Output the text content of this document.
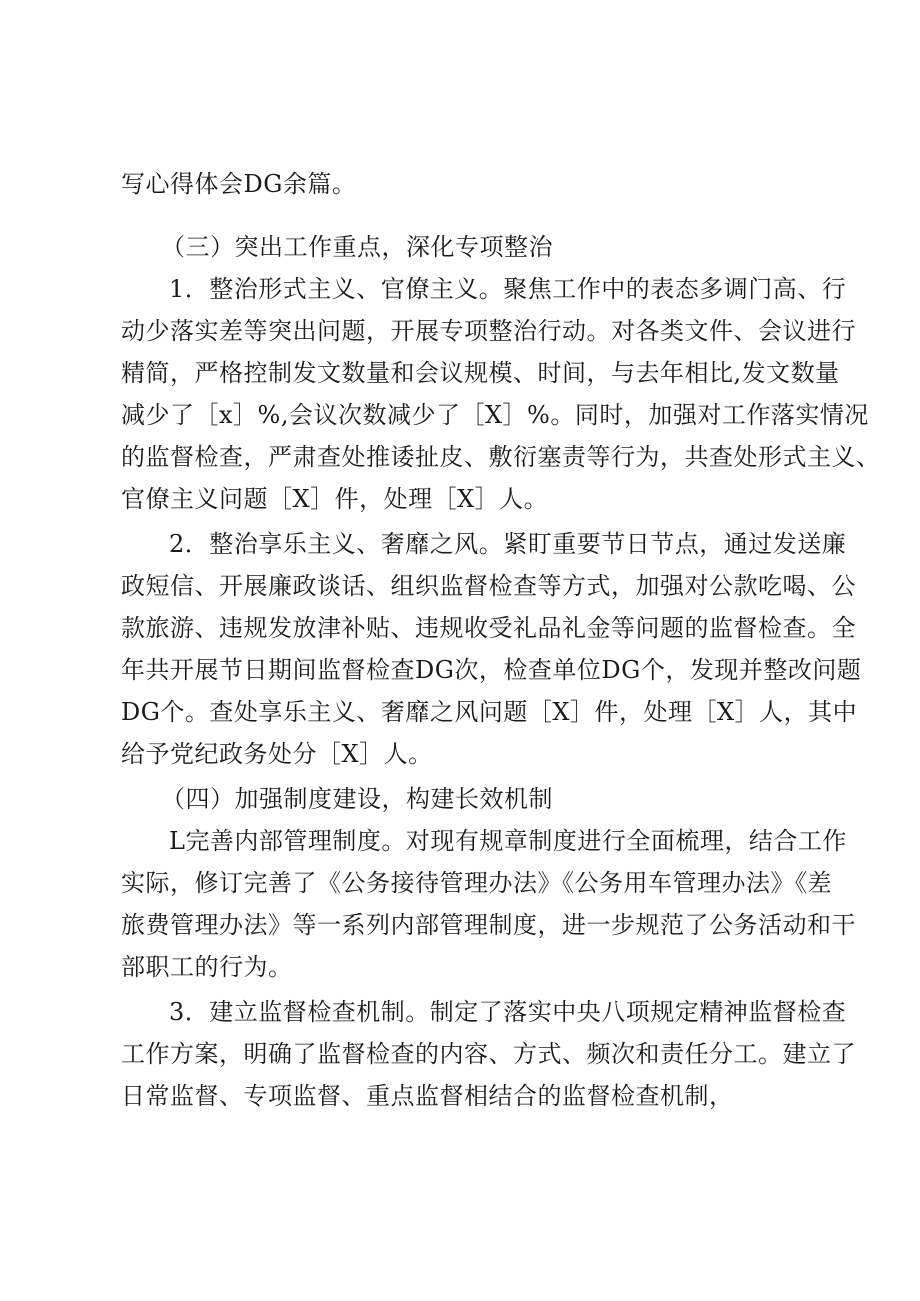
写心得体会DG余篇。
（三）突出工作重点，深化专项整治
1．整治形式主义、官僚主义。聚焦工作中的表态多调门高、行
动少落实差等突出问题，开展专项整治行动。对各类文件、会议进行
精简，严格控制发文数量和会议规模、时间，与去年相比,发文数量
减少了［x］%,会议次数减少了［X］%。同时，加强对工作落实情况
的监督检查，严肃查处推诿扯皮、敷衍塞责等行为，共查处形式主义、
官僚主义问题［X］件，处理［X］人。
2．整治享乐主义、奢靡之风。紧盯重要节日节点，通过发送廉
政短信、开展廉政谈话、组织监督检查等方式，加强对公款吃喝、公
款旅游、违规发放津补贴、违规收受礼品礼金等问题的监督检查。全
年共开展节日期间监督检查DG次，检查单位DG个，发现并整改问题
DG个。查处享乐主义、奢靡之风问题［X］件，处理［X］人，其中
给予党纪政务处分［X］人。
（四）加强制度建设，构建长效机制
L完善内部管理制度。对现有规章制度进行全面梳理，结合工作
实际，修订完善了《公务接待管理办法》《公务用车管理办法》《差
旅费管理办法》等一系列内部管理制度，进一步规范了公务活动和干
部职工的行为。
3．建立监督检查机制。制定了落实中央八项规定精神监督检查
工作方案，明确了监督检查的内容、方式、频次和责任分工。建立了
日常监督、专项监督、重点监督相结合的监督检查机制，
